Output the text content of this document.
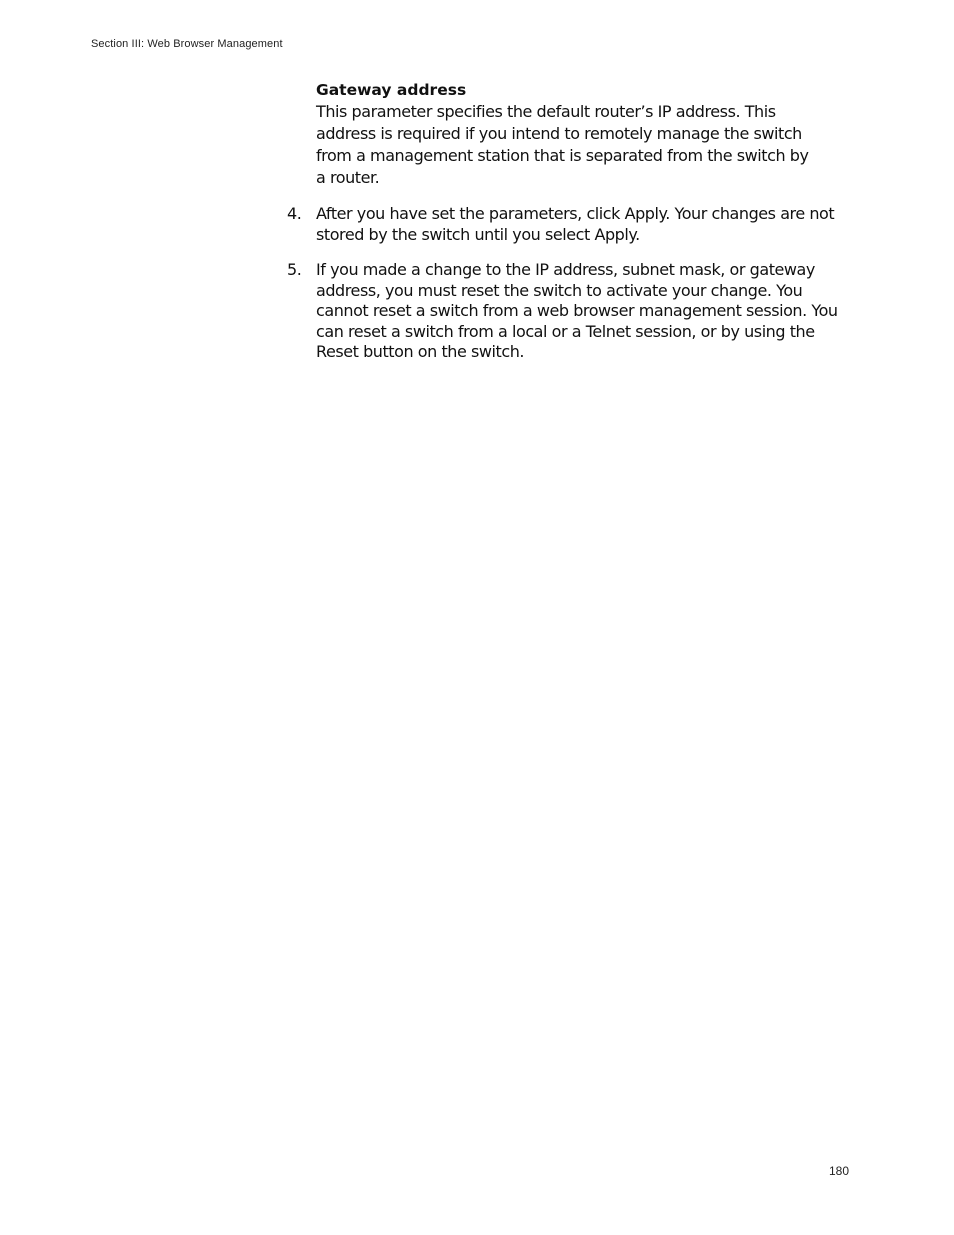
Section III: Web Browser Management

Gateway address

This parameter specifies the default router’s IP address. This
address is required if you intend to remotely manage the switch
from a management station that is separated from the switch by
a router.

4. After you have set the parameters, click Apply. Your changes are not
stored by the switch until you select Apply.
5. If you made a change to the IP address, subnet mask, or gateway
address, you must reset the switch to activate your change. You
cannot reset a switch from a web browser management session. You
can reset a switch from a local or a Telnet session, or by using the
Reset button on the switch.
180
